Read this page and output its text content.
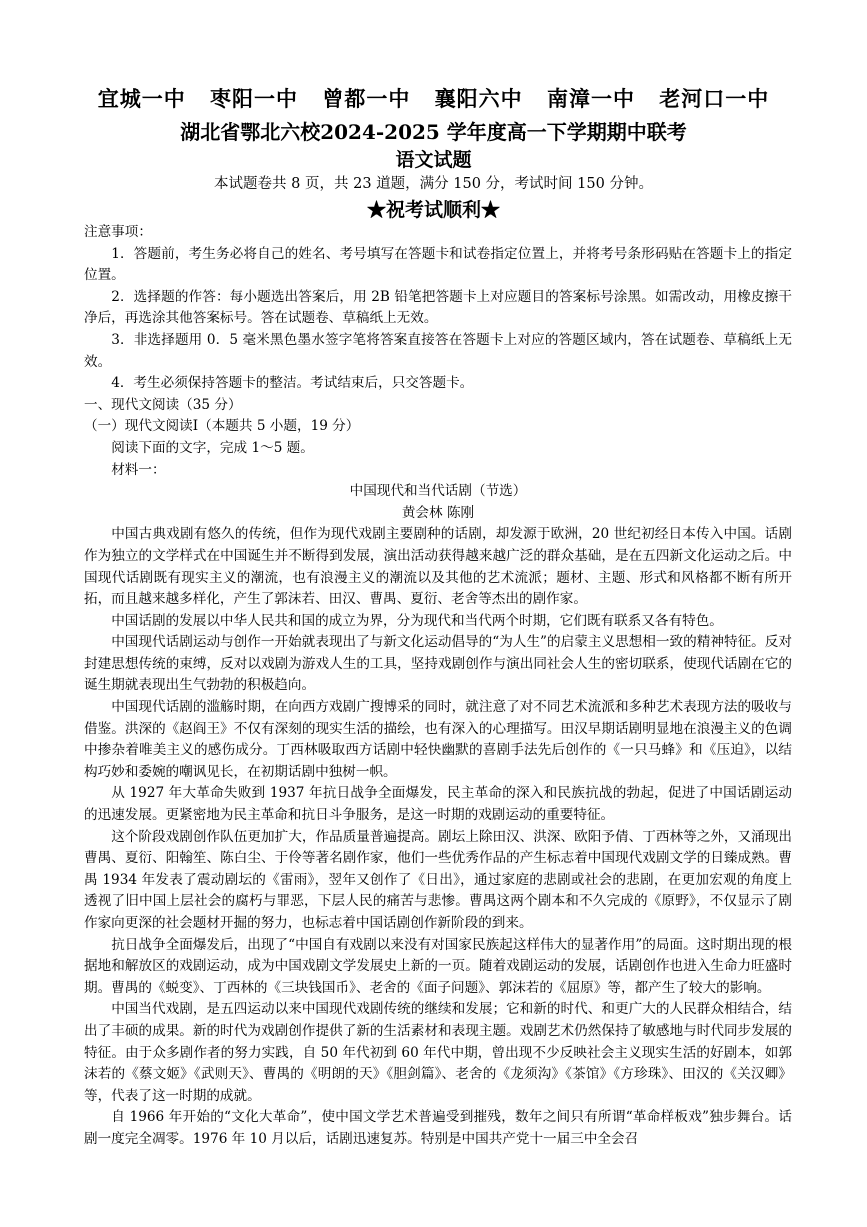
宜城一中 枣阳一中 曾都一中 襄阳六中 南漳一中 老河口一中
湖北省鄂北六校2024-2025 学年度高一下学期期中联考
语文试题
本试题卷共 8 页，共 23 道题，满分 150 分，考试时间 150 分钟。
★祝考试顺利★

注意事项：

1．答题前，考生务必将自己的姓名、考号填写在答题卡和试卷指定位置上，并将考号条形码贴在答题卡上的指定位置。

2．选择题的作答：每小题选出答案后，用 2B 铅笔把答题卡上对应题目的答案标号涂黑。如需改动，用橡皮擦干净后，再选涂其他答案标号。答在试题卷、草稿纸上无效。

3．非选择题用 0．5 毫米黑色墨水签字笔将答案直接答在答题卡上对应的答题区域内，答在试题卷、草稿纸上无效。

4．考生必须保持答题卡的整洁。考试结束后，只交答题卡。

一、现代文阅读（35 分）

（一）现代文阅读Ⅰ（本题共 5 小题，19 分）

阅读下面的文字，完成 1～5 题。

材料一：

中国现代和当代话剧（节选）

黄会林 陈刚

中国古典戏剧有悠久的传统，但作为现代戏剧主要剧种的话剧，却发源于欧洲，20 世纪初经日本传入中国。话剧作为独立的文学样式在中国诞生并不断得到发展，演出活动获得越来越广泛的群众基础，是在五四新文化运动之后。中国现代话剧既有现实主义的潮流，也有浪漫主义的潮流以及其他的艺术流派；题材、主题、形式和风格都不断有所开拓，而且越来越多样化，产生了郭沫若、田汉、曹禺、夏衍、老舍等杰出的剧作家。

中国话剧的发展以中华人民共和国的成立为界，分为现代和当代两个时期，它们既有联系又各有特色。

中国现代话剧运动与创作一开始就表现出了与新文化运动倡导的“为人生”的启蒙主义思想相一致的精神特征。反对封建思想传统的束缚，反对以戏剧为游戏人生的工具，坚持戏剧创作与演出同社会人生的密切联系，使现代话剧在它的诞生期就表现出生气勃勃的积极趋向。

中国现代话剧的滥觞时期，在向西方戏剧广搜博采的同时，就注意了对不同艺术流派和多种艺术表现方法的吸收与借鉴。洪深的《赵阎王》不仅有深刻的现实生活的描绘，也有深入的心理描写。田汉早期话剧明显地在浪漫主义的色调中掺杂着唯美主义的感伤成分。丁西林吸取西方话剧中轻快幽默的喜剧手法先后创作的《一只马蜂》和《压迫》，以结构巧妙和委婉的嘲讽见长，在初期话剧中独树一帜。

从 1927 年大革命失败到 1937 年抗日战争全面爆发，民主革命的深入和民族抗战的勃起，促进了中国话剧运动的迅速发展。更紧密地为民主革命和抗日斗争服务，是这一时期的戏剧运动的重要特征。

这个阶段戏剧创作队伍更加扩大，作品质量普遍提高。剧坛上除田汉、洪深、欧阳予倩、丁西林等之外，又涌现出曹禺、夏衍、阳翰笙、陈白尘、于伶等著名剧作家，他们一些优秀作品的产生标志着中国现代戏剧文学的日臻成熟。曹禺 1934 年发表了震动剧坛的《雷雨》，翌年又创作了《日出》，通过家庭的悲剧或社会的悲剧，在更加宏观的角度上透视了旧中国上层社会的腐朽与罪恶，下层人民的痛苦与悲惨。曹禺这两个剧本和不久完成的《原野》，不仅显示了剧作家向更深的社会题材开掘的努力，也标志着中国话剧创作新阶段的到来。

抗日战争全面爆发后，出现了“中国自有戏剧以来没有对国家民族起这样伟大的显著作用”的局面。这时期出现的根据地和解放区的戏剧运动，成为中国戏剧文学发展史上新的一页。随着戏剧运动的发展，话剧创作也进入生命力旺盛时期。曹禺的《蜕变》、丁西林的《三块钱国币》、老舍的《面子问题》、郭沫若的《屈原》等，都产生了较大的影响。

中国当代戏剧，是五四运动以来中国现代戏剧传统的继续和发展；它和新的时代、和更广大的人民群众相结合，结出了丰硕的成果。新的时代为戏剧创作提供了新的生活素材和表现主题。戏剧艺术仍然保持了敏感地与时代同步发展的特征。由于众多剧作者的努力实践，自 50 年代初到 60 年代中期，曾出现不少反映社会主义现实生活的好剧本，如郭沫若的《蔡文姬》《武则天》、曹禺的《明朗的天》《胆剑篇》、老舍的《龙须沟》《茶馆》《方珍珠》、田汉的《关汉卿》等，代表了这一时期的成就。

自 1966 年开始的“文化大革命”，使中国文学艺术普遍受到摧残，数年之间只有所谓“革命样板戏”独步舞台。话剧一度完全凋零。1976 年 10 月以后，话剧迅速复苏。特别是中国共产党十一届三中全会召
